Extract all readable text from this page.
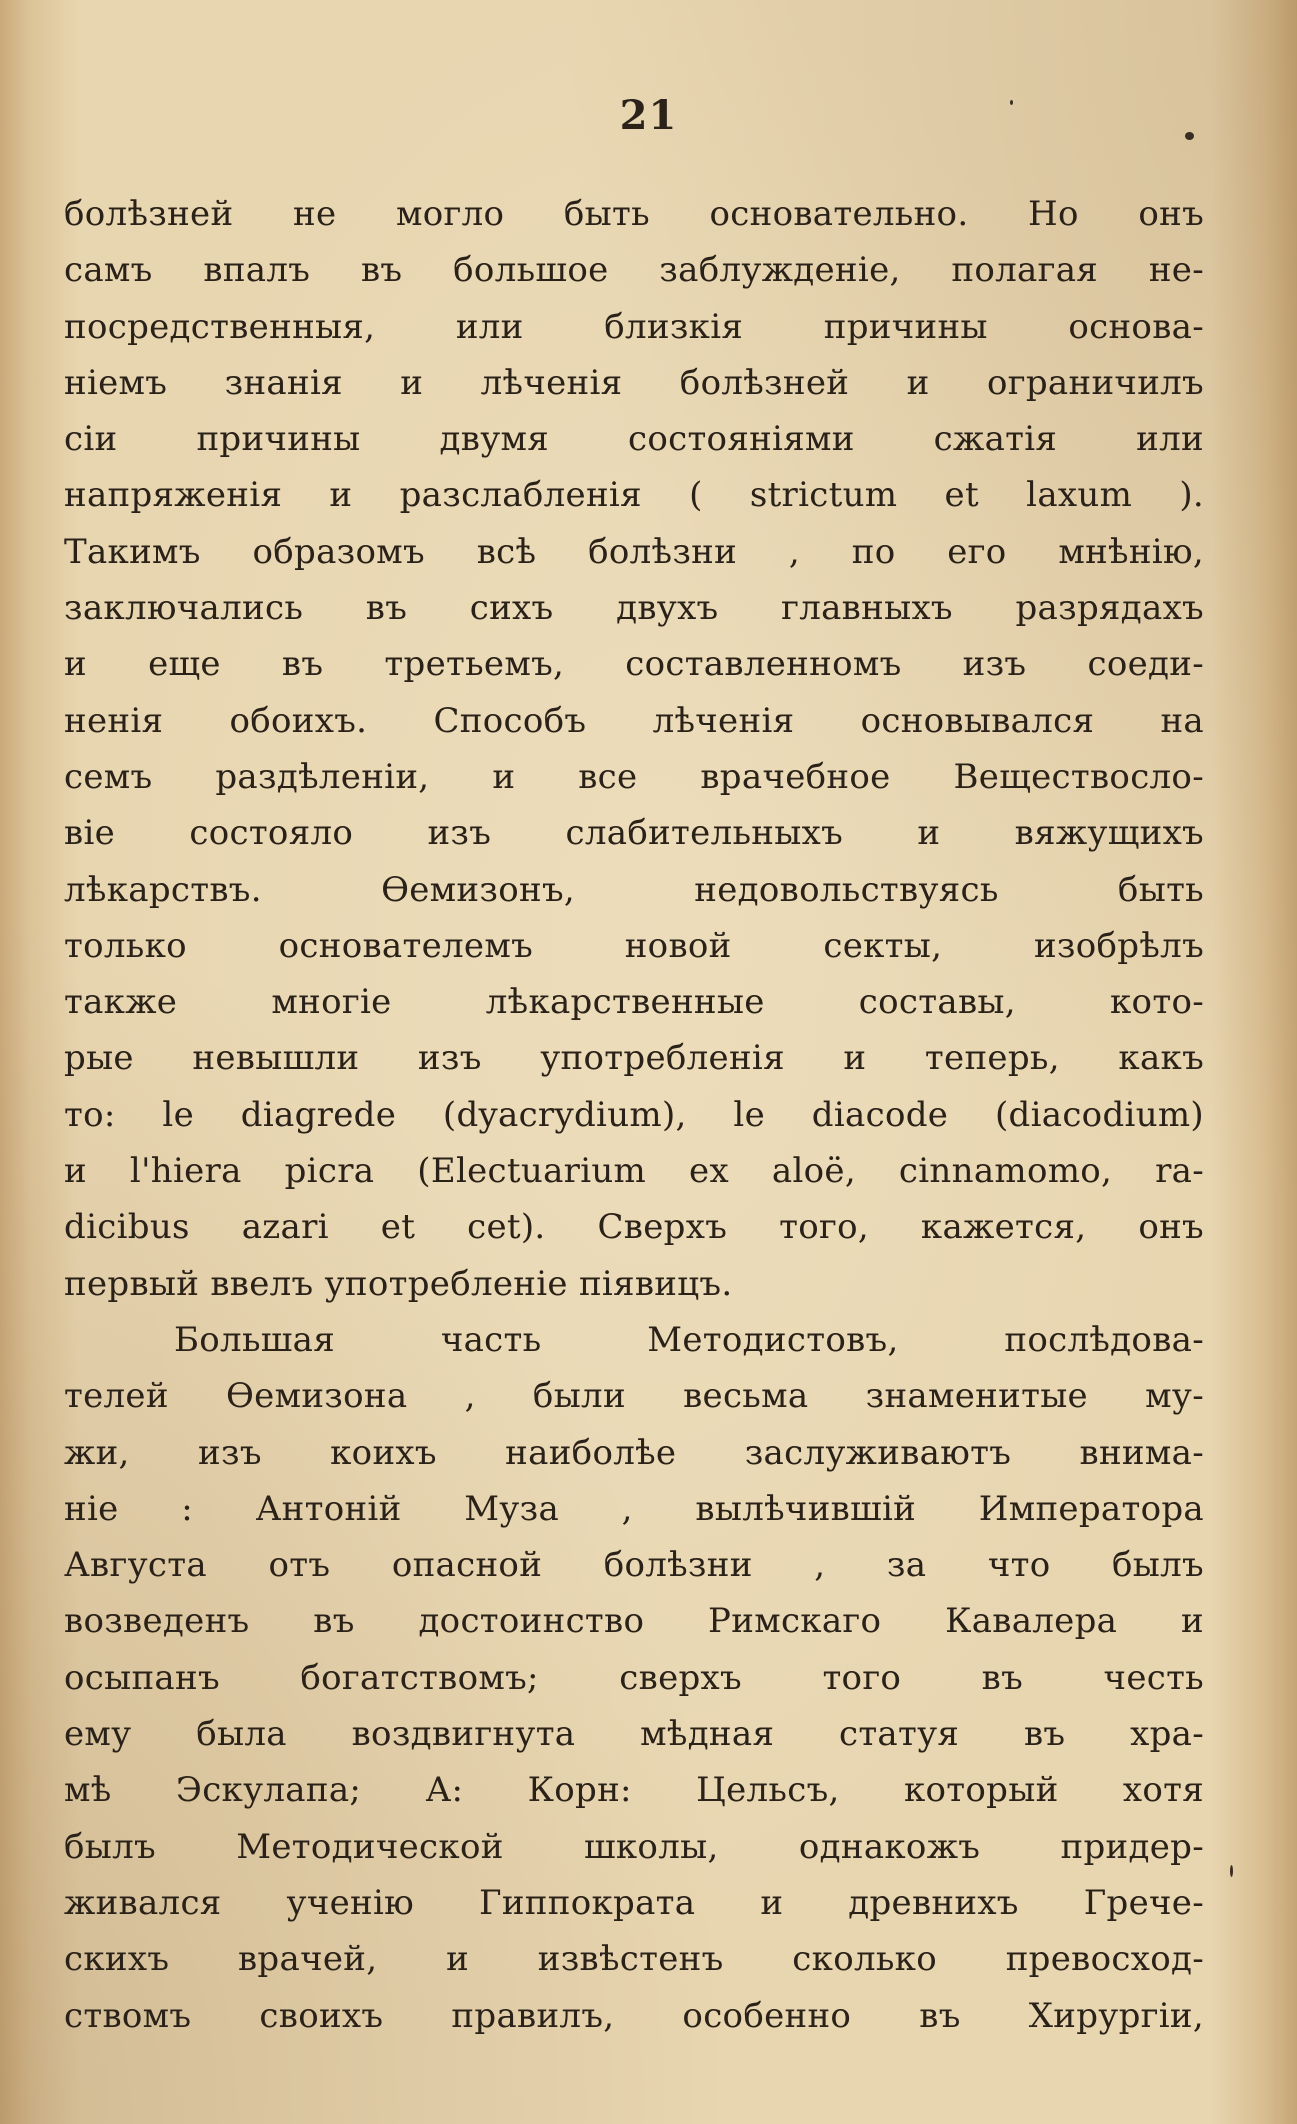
21
болѣзней не могло быть основательно. Но онъ
самъ впалъ въ большое заблужденіе, полагая не-
посредственныя, или близкія причины основа-
ніемъ знанія и лѣченія болѣзней и ограничилъ
сіи причины двумя состояніями сжатія или
напряженія и разслабленія ( strictum et laxum ).
Такимъ образомъ всѣ болѣзни , по его мнѣнію,
заключались въ сихъ двухъ главныхъ разрядахъ
и еще въ третьемъ, составленномъ изъ соеди-
ненія обоихъ. Способъ лѣченія основывался на
семъ раздѣленіи, и все врачебное Веществосло-
віе состояло изъ слабительныхъ и вяжущихъ
лѣкарствъ. Ѳемизонъ, недовольствуясь быть
только основателемъ новой секты, изобрѣлъ
также многіе лѣкарственные составы, кото-
рые невышли изъ употребленія и теперь, какъ
то: le diagrede (dyacrydium), le diacode (diacodium)
и l'hiera picra (Electuarium ex aloë, cinnamomo, ra-
dicibus azari et cet). Сверхъ того, кажется, онъ
первый ввелъ употребленіе піявицъ.
Большая часть Методистовъ, послѣдова-
телей Ѳемизона , были весьма знаменитые му-
жи, изъ коихъ наиболѣе заслуживаютъ внима-
ніе : Антоній Муза , вылѣчившій Императора
Августа отъ опасной болѣзни , за что былъ
возведенъ въ достоинство Римскаго Кавалера и
осыпанъ богатствомъ; сверхъ того въ честь
ему была воздвигнута мѣдная статуя въ хра-
мѣ Эскулапа; А: Корн: Цельсъ, который хотя
былъ Методической школы, однакожъ придер-
живался ученію Гиппократа и древнихъ Грече-
скихъ врачей, и извѣстенъ сколько превосход-
ствомъ своихъ правилъ, особенно въ Хирургіи,
